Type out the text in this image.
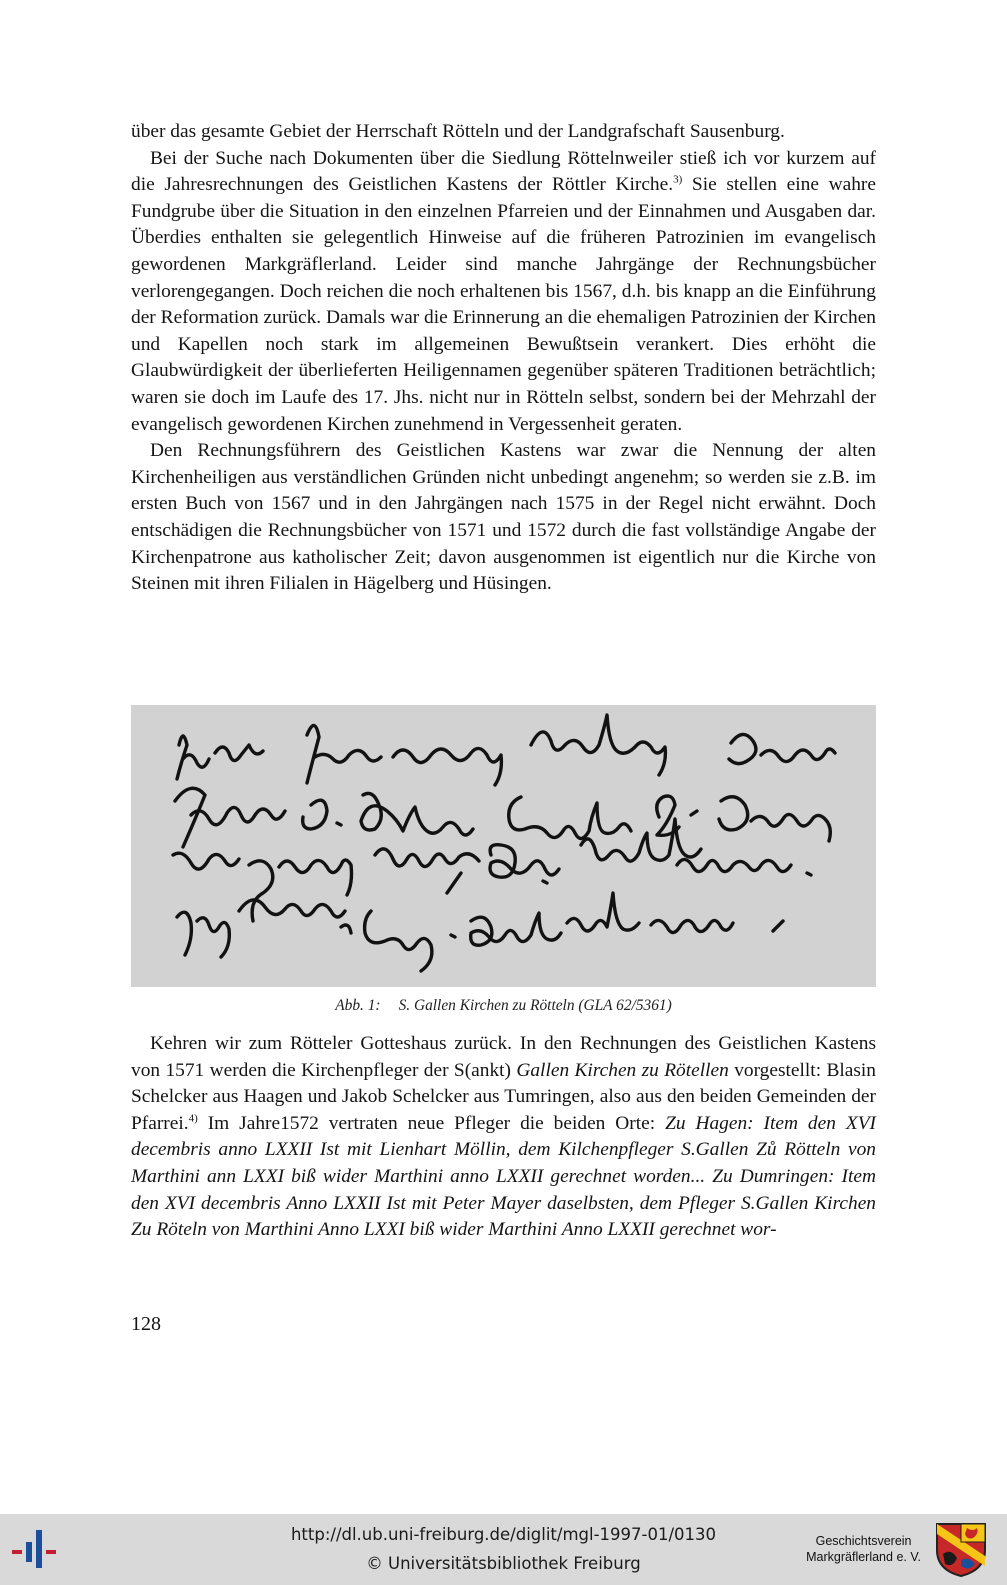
über das gesamte Gebiet der Herrschaft Rötteln und der Landgrafschaft Sausenburg.

Bei der Suche nach Dokumenten über die Siedlung Röttelnweiler stieß ich vor kurzem auf die Jahresrechnungen des Geistlichen Kastens der Röttler Kirche.$^{3)}$ Sie stellen eine wahre Fundgrube über die Situation in den einzelnen Pfarreien und der Einnahmen und Ausgaben dar. Überdies enthalten sie gelegentlich Hinweise auf die früheren Patrozinien im evangelisch gewordenen Markgräflerland. Leider sind manche Jahrgänge der Rechnungsbücher verlorengegangen. Doch reichen die noch erhaltenen bis 1567, d.h. bis knapp an die Einführung der Reformation zurück. Damals war die Erinnerung an die ehemaligen Patrozinien der Kirchen und Kapellen noch stark im allgemeinen Bewußtsein verankert. Dies erhöht die Glaubwürdigkeit der überlieferten Heiligennamen gegenüber späteren Traditionen beträchtlich; waren sie doch im Laufe des 17. Jhs. nicht nur in Rötteln selbst, sondern bei der Mehrzahl der evangelisch gewordenen Kirchen zunehmend in Vergessenheit geraten.

Den Rechnungsführern des Geistlichen Kastens war zwar die Nennung der alten Kirchenheiligen aus verständlichen Gründen nicht unbedingt angenehm; so werden sie z.B. im ersten Buch von 1567 und in den Jahrgängen nach 1575 in der Regel nicht erwähnt. Doch entschädigen die Rechnungsbücher von 1571 und 1572 durch die fast vollständige Angabe der Kirchenpatrone aus katholischer Zeit; davon ausgenommen ist eigentlich nur die Kirche von Steinen mit ihren Filialen in Hägelberg und Hüsingen.

Abb. 1: S. Gallen Kirchen zu Rötteln (GLA 62/5361)

Kehren wir zum Rötteler Gotteshaus zurück. In den Rechnungen des Geistlichen Kastens von 1571 werden die Kirchenpfleger der S(ankt) Gallen Kirchen zu Rötellen vorgestellt: Blasin Schelcker aus Haagen und Jakob Schelcker aus Tumringen, also aus den beiden Gemeinden der Pfarrei.$^{4)}$ Im Jahre1572 vertraten neue Pfleger die beiden Orte: Zu Hagen: Item den XVI decembris anno LXXII Ist mit Lienhart Möllin, dem Kilchenpfleger S.Gallen Zů Rötteln von Marthini ann LXXI biß wider Marthini anno LXXII gerechnet worden... Zu Dumringen: Item den XVI decembris Anno LXXII Ist mit Peter Mayer daselbsten, dem Pfleger S.Gallen Kirchen Zu Röteln von Marthini Anno LXXI biß wider Marthini Anno LXXII gerechnet wor-

128
http://dl.ub.uni-freiburg.de/diglit/mgl-1997-01/0130
© Universitätsbibliothek Freiburg
Geschichtsverein
Markgräflerland e. V.
